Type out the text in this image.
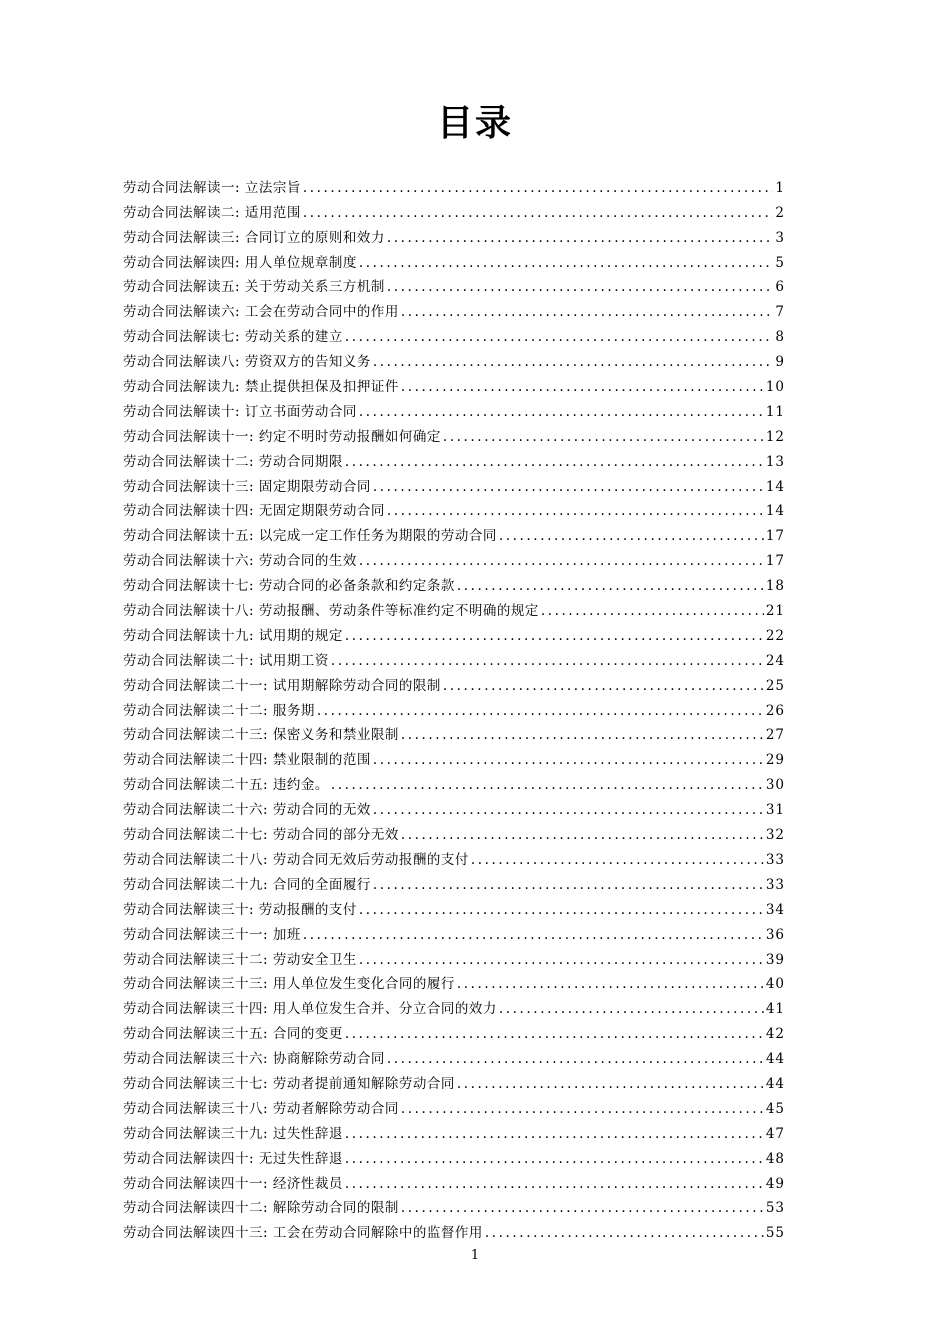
目录
劳动合同法解读一: 立法宗旨 .....	1
劳动合同法解读二: 适用范围 .....	2
劳动合同法解读三: 合同订立的原则和效力 .....	3
劳动合同法解读四: 用人单位规章制度 .....	5
劳动合同法解读五: 关于劳动关系三方机制 .....	6
劳动合同法解读六: 工会在劳动合同中的作用 .....	7
劳动合同法解读七: 劳动关系的建立 .....	8
劳动合同法解读八: 劳资双方的告知义务 .....	9
劳动合同法解读九: 禁止提供担保及扣押证件 .....	10
劳动合同法解读十: 订立书面劳动合同 .....	11
劳动合同法解读十一: 约定不明时劳动报酬如何确定 .....	12
劳动合同法解读十二: 劳动合同期限 .....	13
劳动合同法解读十三: 固定期限劳动合同 .....	14
劳动合同法解读十四: 无固定期限劳动合同 .....	14
劳动合同法解读十五: 以完成一定工作任务为期限的劳动合同 .....	17
劳动合同法解读十六: 劳动合同的生效 .....	17
劳动合同法解读十七: 劳动合同的必备条款和约定条款 .....	18
劳动合同法解读十八: 劳动报酬、劳动条件等标准约定不明确的规定 .....	21
劳动合同法解读十九: 试用期的规定 .....	22
劳动合同法解读二十: 试用期工资 .....	24
劳动合同法解读二十一: 试用期解除劳动合同的限制 .....	25
劳动合同法解读二十二: 服务期 .....	26
劳动合同法解读二十三: 保密义务和禁业限制 .....	27
劳动合同法解读二十四: 禁业限制的范围 .....	29
劳动合同法解读二十五: 违约金。 .....	30
劳动合同法解读二十六: 劳动合同的无效 .....	31
劳动合同法解读二十七: 劳动合同的部分无效 .....	32
劳动合同法解读二十八: 劳动合同无效后劳动报酬的支付 .....	33
劳动合同法解读二十九: 合同的全面履行 .....	33
劳动合同法解读三十: 劳动报酬的支付 .....	34
劳动合同法解读三十一: 加班 .....	36
劳动合同法解读三十二: 劳动安全卫生 .....	39
劳动合同法解读三十三: 用人单位发生变化合同的履行 .....	40
劳动合同法解读三十四: 用人单位发生合并、分立合同的效力 .....	41
劳动合同法解读三十五: 合同的变更 .....	42
劳动合同法解读三十六: 协商解除劳动合同 .....	44
劳动合同法解读三十七: 劳动者提前通知解除劳动合同 .....	44
劳动合同法解读三十八: 劳动者解除劳动合同 .....	45
劳动合同法解读三十九: 过失性辞退 .....	47
劳动合同法解读四十: 无过失性辞退 .....	48
劳动合同法解读四十一: 经济性裁员 .....	49
劳动合同法解读四十二: 解除劳动合同的限制 .....	53
劳动合同法解读四十三: 工会在劳动合同解除中的监督作用 .....	55
1
